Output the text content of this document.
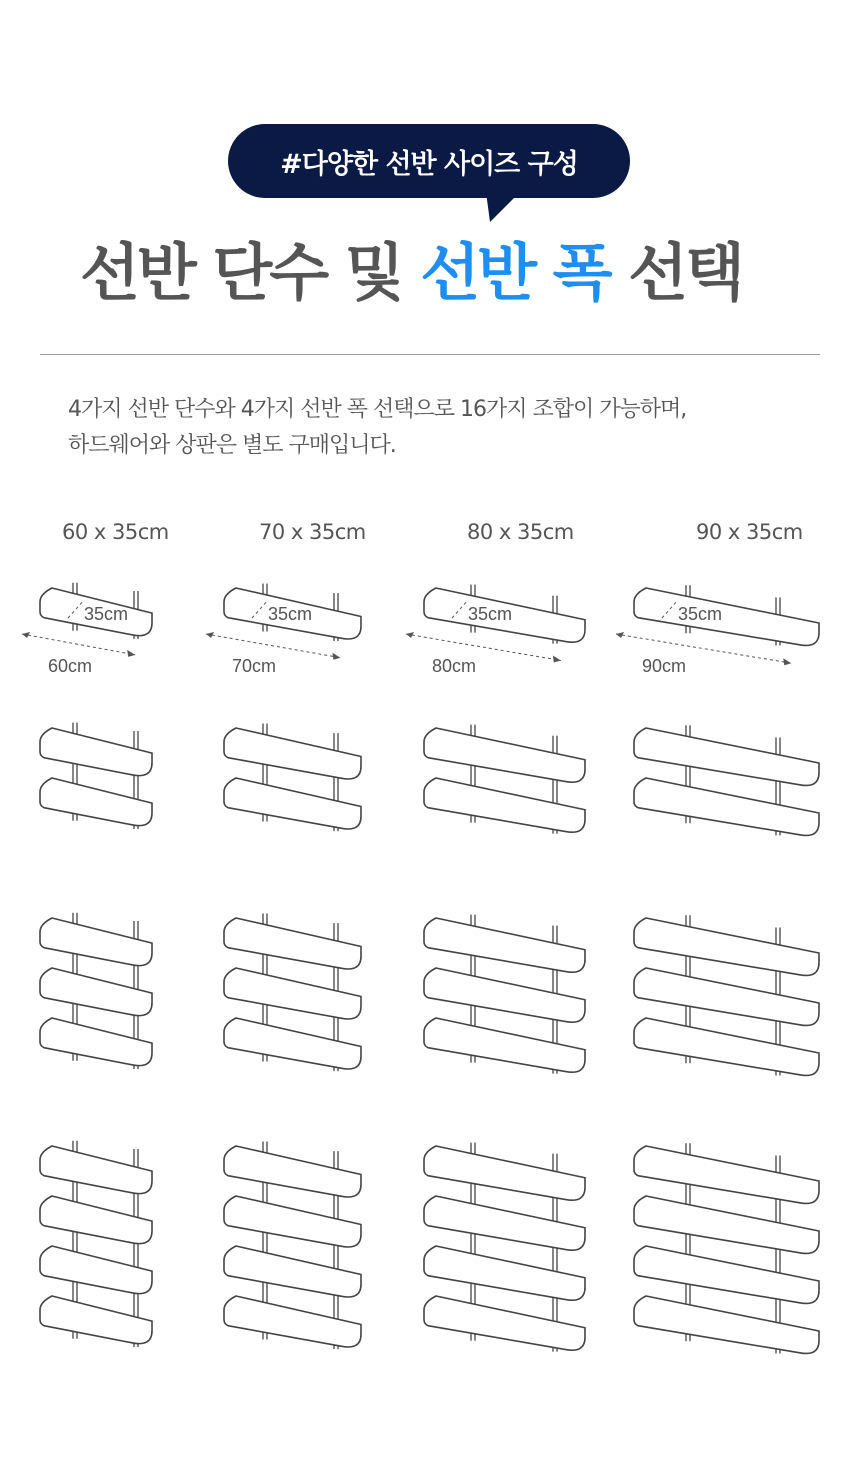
#다양한 선반 사이즈 구성
선반 단수 및 선반 폭 선택
4가지 선반 단수와 4가지 선반 폭 선택으로 16가지 조합이 가능하며,
하드웨어와 상판은 별도 구매입니다.
60 x 35cm	70 x 35cm	80 x 35cm	90 x 35cm
60cm
35cm
70cm
35cm
80cm
35cm
90cm
35cm
